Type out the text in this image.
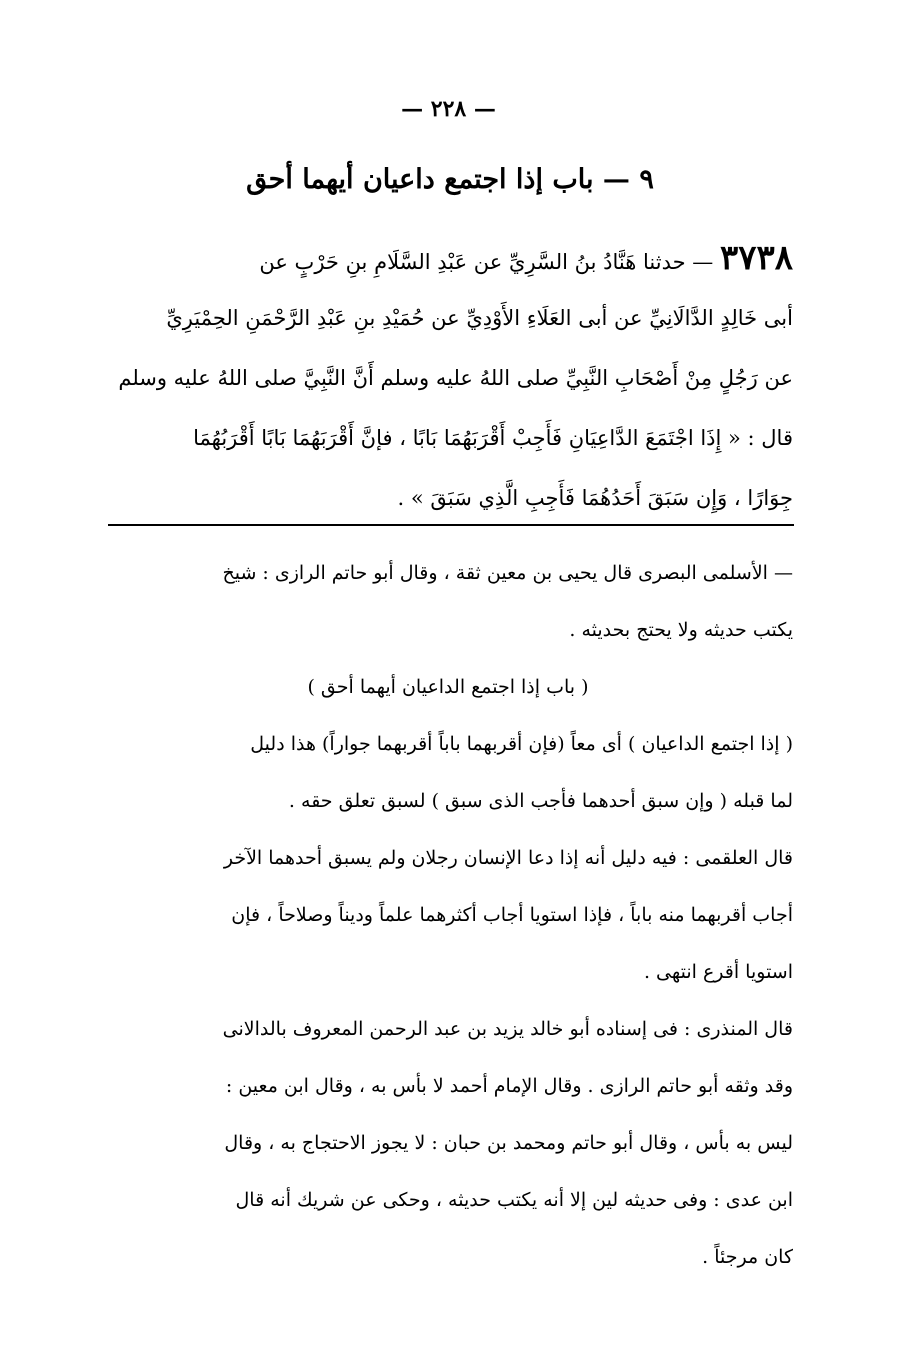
— ٢٢٨ —
٩ — باب إذا اجتمع داعيان أيهما أحق
٣٧٣٨ — حدثنا هَنَّادُ بنُ السَّرِيِّ عن عَبْدِ السَّلَامِ بنِ حَرْبٍ عن
أبى خَالِدٍ الدَّالَانِيِّ عن أبى العَلَاءِ الأَوْدِيِّ عن حُمَيْدِ بنِ عَبْدِ الرَّحْمَنِ الحِمْيَرِيِّ
عن رَجُلٍ مِنْ أَصْحَابِ النَّبِيِّ صلى اللهُ عليه وسلم أَنَّ النَّبِيَّ صلى اللهُ عليه وسلم
قال : « إِذَا اجْتَمَعَ الدَّاعِيَانِ فَأَجِبْ أَقْرَبَهُمَا بَابًا ، فإنَّ أَقْرَبَهُمَا بَابًا أَقْرَبُهُمَا
جِوَارًا ، وَإِن سَبَقَ أَحَدُهُمَا فَأَجِبِ الَّذِي سَبَقَ » .
— الأسلمى البصرى قال يحيى بن معين ثقة ، وقال أبو حاتم الرازى : شيخ
يكتب حديثه ولا يحتج بحديثه .
( باب إذا اجتمع الداعيان أيهما أحق )
( إذا اجتمع الداعيان ) أى معاً (فإن أقربهما باباً أقربهما جواراً) هذا دليل
لما قبله ( وإن سبق أحدهما فأجب الذى سبق ) لسبق تعلق حقه .
قال العلقمى : فيه دليل أنه إذا دعا الإنسان رجلان ولم يسبق أحدهما الآخر
أجاب أقربهما منه باباً ، فإذا استويا أجاب أكثرهما علماً وديناً وصلاحاً ، فإن
استويا أقرع انتهى .
قال المنذرى : فى إسناده أبو خالد يزيد بن عبد الرحمن المعروف بالدالانى
وقد وثقه أبو حاتم الرازى . وقال الإمام أحمد لا بأس به ، وقال ابن معين :
ليس به بأس ، وقال أبو حاتم ومحمد بن حبان : لا يجوز الاحتجاج به ، وقال
ابن عدى : وفى حديثه لين إلا أنه يكتب حديثه ، وحكى عن شريك أنه قال
كان مرجئاً .
